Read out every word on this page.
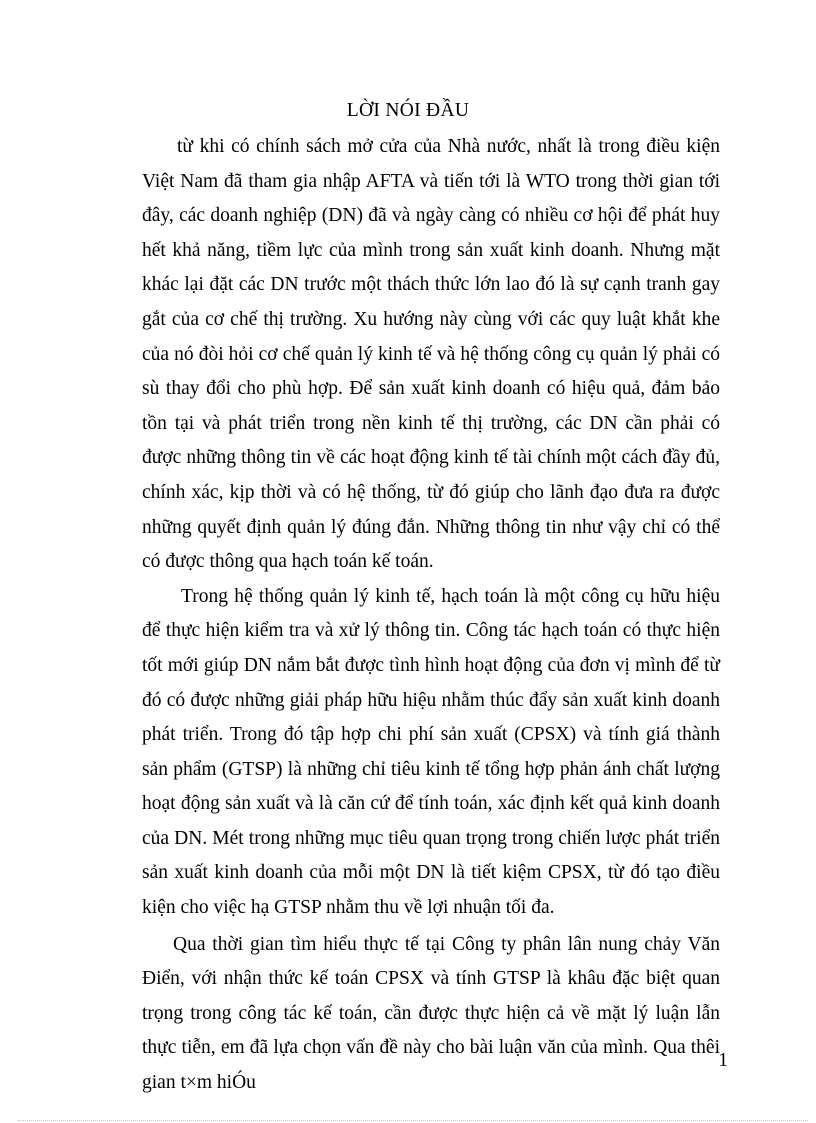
LỜI NÓI ĐẦU

từ khi có chính sách mở cửa của Nhà nước, nhất là trong điều kiện Việt Nam đã tham gia nhập AFTA và tiến tới là WTO trong thời gian tới đây, các doanh nghiệp (DN) đã và ngày càng có nhiều cơ hội để phát huy hết khả năng, tiềm lực của mình trong sản xuất kinh doanh. Nhưng mặt khác lại đặt các DN trước một thách thức lớn lao đó là sự cạnh tranh gay gắt của cơ chế thị trường. Xu hướng này cùng với các quy luật khắt khe của nó đòi hỏi cơ chế quản lý kinh tế và hệ thống công cụ quản lý phải có sù thay đổi cho phù hợp. Để sản xuất kinh doanh có hiệu quả, đảm bảo tồn tại và phát triển trong nền kinh tế thị trường, các DN cần phải có được những thông tin về các hoạt động kinh tế tài chính một cách đầy đủ, chính xác, kịp thời và có hệ thống, từ đó giúp cho lãnh đạo đưa ra được những quyết định quản lý đúng đắn. Những thông tin như vậy chỉ có thể có được thông qua hạch toán kế toán.

Trong hệ thống quản lý kinh tế, hạch toán là một công cụ hữu hiệu để thực hiện kiểm tra và xử lý thông tin. Công tác hạch toán có thực hiện tốt mới giúp DN nắm bắt được tình hình hoạt động của đơn vị mình để từ đó có được những giải pháp hữu hiệu nhằm thúc đẩy sản xuất kinh doanh phát triển. Trong đó tập hợp chi phí sản xuất (CPSX) và tính giá thành sản phẩm (GTSP) là những chỉ tiêu kinh tế tổng hợp phản ánh chất lượng hoạt động sản xuất và là căn cứ để tính toán, xác định kết quả kinh doanh của DN. Mét trong những mục tiêu quan trọng trong chiến lược phát triển sản xuất kinh doanh của mỗi một DN là tiết kiệm CPSX, từ đó tạo điều kiện cho việc hạ GTSP nhằm thu về lợi nhuận tối đa.

Qua thời gian tìm hiểu thực tế tại Công ty phân lân nung chảy Văn Điển, với nhận thức kế toán CPSX và tính GTSP là khâu đặc biệt quan trọng trong công tác kế toán, cần được thực hiện cả về mặt lý luận lẫn thực tiễn, em đã lựa chọn vấn đề này cho bài luận văn của mình. Qua thêi gian t×m hiÓu

1
